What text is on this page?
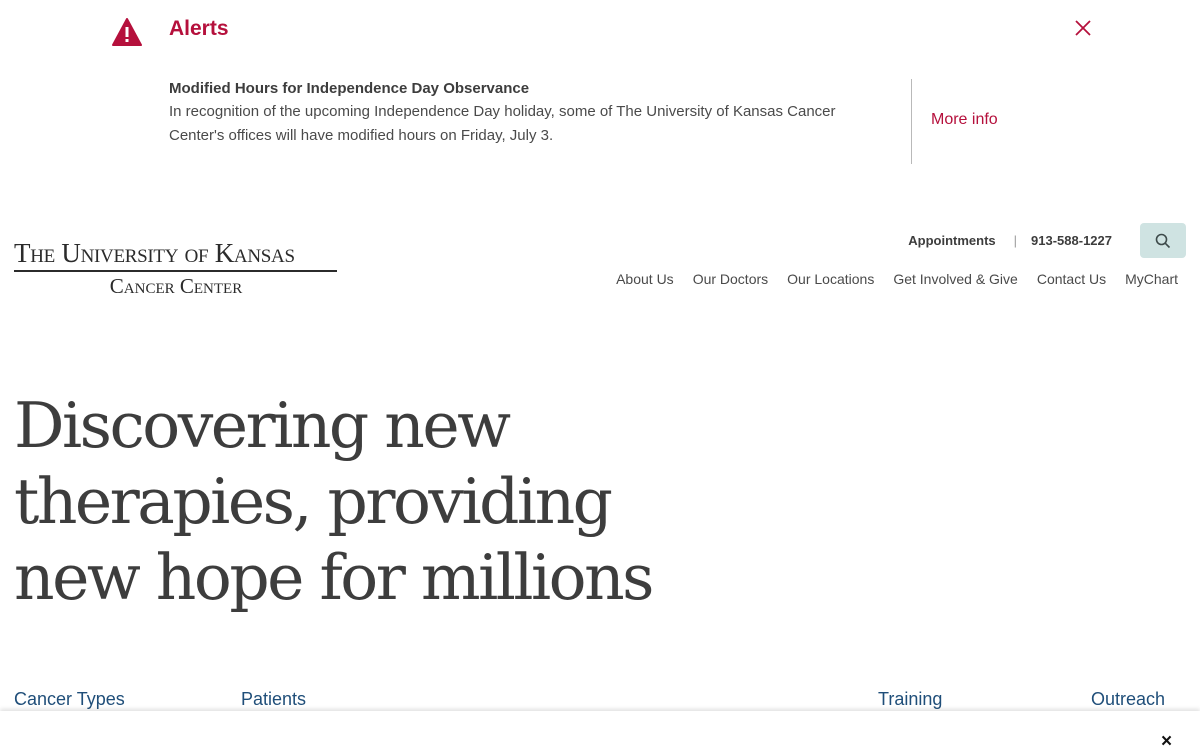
Alerts
Modified Hours for Independence Day Observance
In recognition of the upcoming Independence Day holiday, some of The University of Kansas Cancer
Center's offices will have modified hours on Friday, July 3.
More info
The University of Kansas
Cancer Center
Appointments | 913-588-1227
About Us Our Doctors Our Locations Get Involved & Give Contact Us MyChart
Discovering new
therapies, providing
new hope for millions
Cancer Types	Patients	Training	Outreach
×
